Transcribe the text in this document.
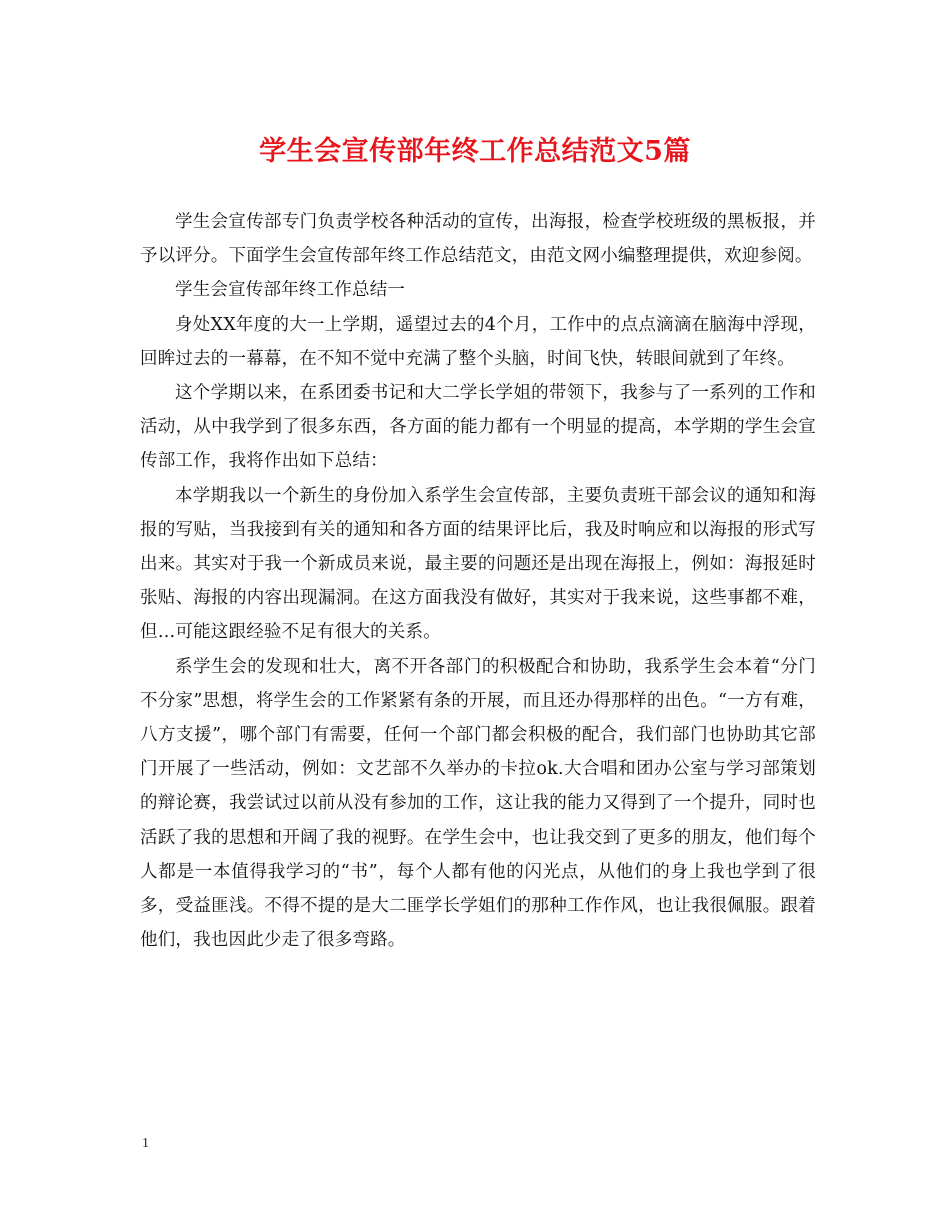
学生会宣传部年终工作总结范文5篇

学生会宣传部专门负责学校各种活动的宣传，出海报，检查学校班级的黑板报，并予以评分。下面学生会宣传部年终工作总结范文，由范文网小编整理提供，欢迎参阅。

学生会宣传部年终工作总结一

身处XX年度的大一上学期，遥望过去的4个月，工作中的点点滴滴在脑海中浮现，回眸过去的一幕幕，在不知不觉中充满了整个头脑，时间飞快，转眼间就到了年终。

这个学期以来，在系团委书记和大二学长学姐的带领下，我参与了一系列的工作和活动，从中我学到了很多东西，各方面的能力都有一个明显的提高，本学期的学生会宣传部工作，我将作出如下总结：

本学期我以一个新生的身份加入系学生会宣传部，主要负责班干部会议的通知和海报的写贴，当我接到有关的通知和各方面的结果评比后，我及时响应和以海报的形式写出来。其实对于我一个新成员来说，最主要的问题还是出现在海报上，例如：海报延时张贴、海报的内容出现漏洞。在这方面我没有做好，其实对于我来说，这些事都不难，但…可能这跟经验不足有很大的关系。

系学生会的发现和壮大，离不开各部门的积极配合和协助，我系学生会本着“分门不分家”思想，将学生会的工作紧紧有条的开展，而且还办得那样的出色。“一方有难，八方支援”，哪个部门有需要，任何一个部门都会积极的配合，我们部门也协助其它部门开展了一些活动，例如：文艺部不久举办的卡拉ok.大合唱和团办公室与学习部策划的辩论赛，我尝试过以前从没有参加的工作，这让我的能力又得到了一个提升，同时也活跃了我的思想和开阔了我的视野。在学生会中，也让我交到了更多的朋友，他们每个人都是一本值得我学习的“书”，每个人都有他的闪光点，从他们的身上我也学到了很多，受益匪浅。不得不提的是大二匪学长学姐们的那种工作作风，也让我很佩服。跟着他们，我也因此少走了很多弯路。

1
